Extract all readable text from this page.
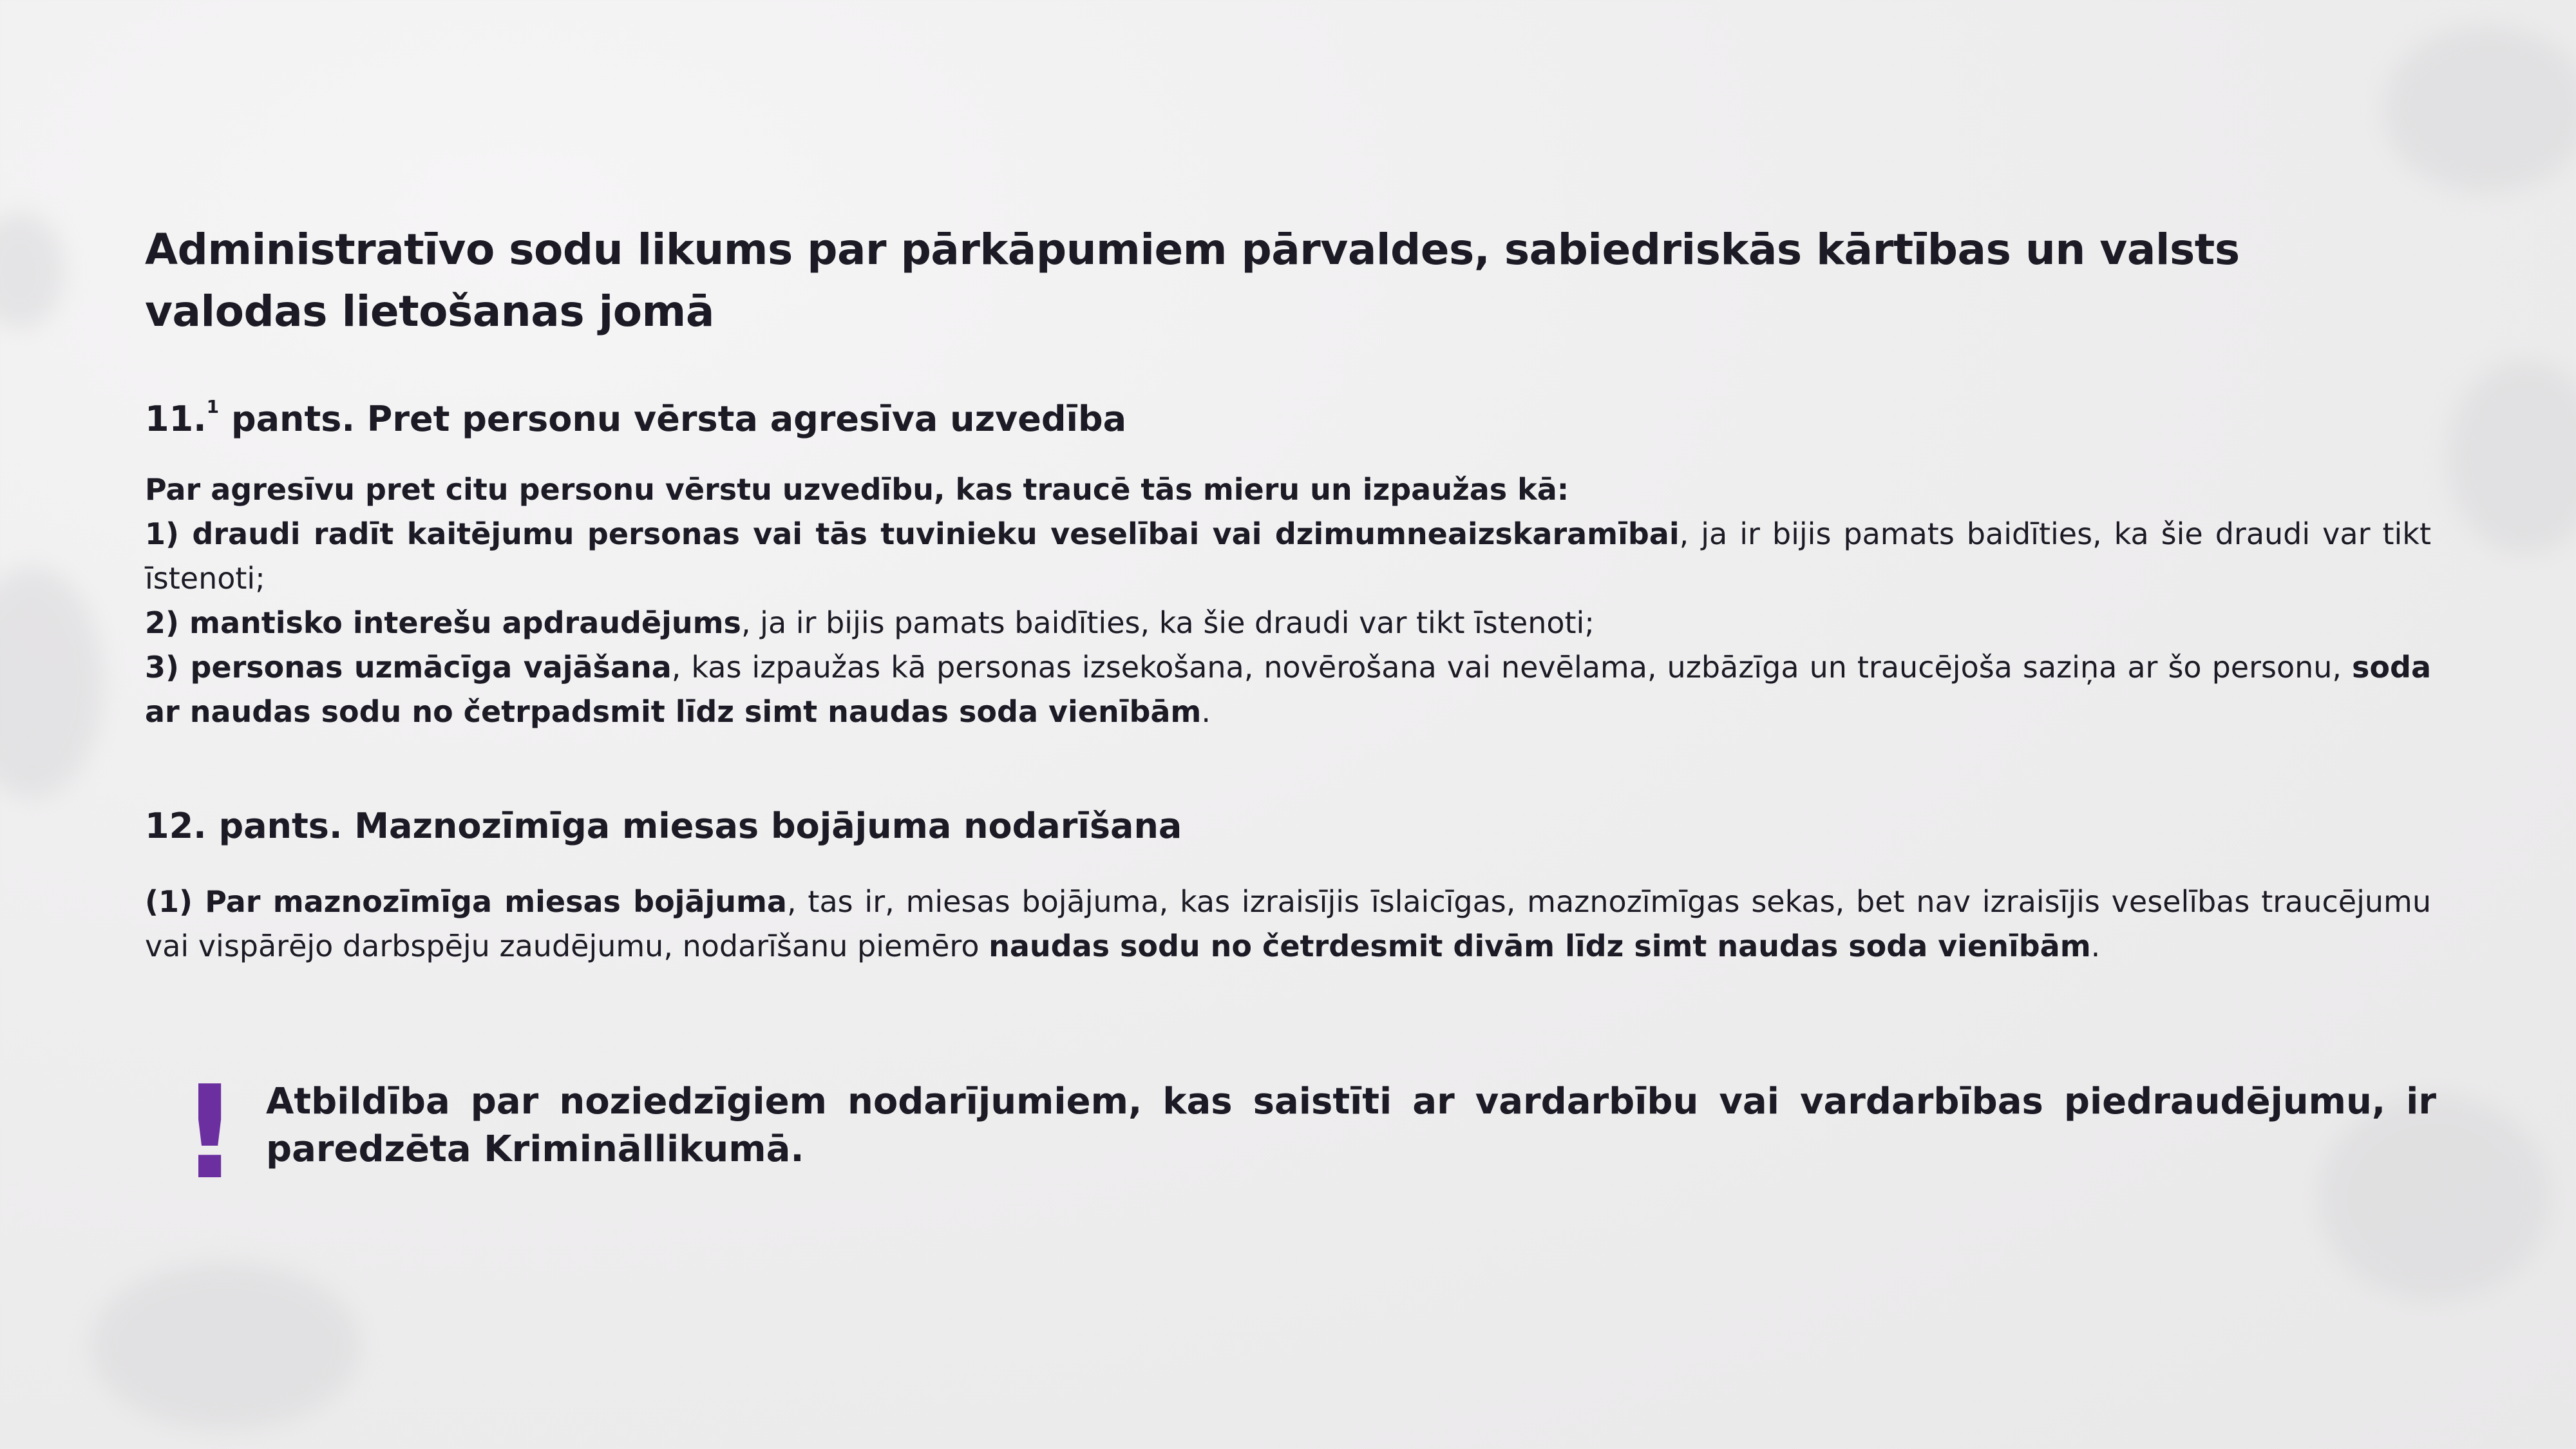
Administratīvo sodu likums par pārkāpumiem pārvaldes, sabiedriskās kārtības un valsts valodas lietošanas jomā
11.$^1$ pants. Pret personu vērsta agresīva uzvedība

Par agresīvu pret citu personu vērstu uzvedību, kas traucē tās mieru un izpaužas kā:
1) draudi radīt kaitējumu personas vai tās tuvinieku veselībai vai dzimumneaizskaramībai, ja ir bijis pamats baidīties, ka šie draudi var tikt īstenoti;
2) mantisko interešu apdraudējums, ja ir bijis pamats baidīties, ka šie draudi var tikt īstenoti;
3) personas uzmācīga vajāšana, kas izpaužas kā personas izsekošana, novērošana vai nevēlama, uzbāzīga un traucējoša saziņa ar šo personu, soda ar naudas sodu no četrpadsmit līdz simt naudas soda vienībām.

12. pants. Maznozīmīga miesas bojājuma nodarīšana

(1) Par maznozīmīga miesas bojājuma, tas ir, miesas bojājuma, kas izraisījis īslaicīgas, maznozīmīgas sekas, bet nav izraisījis veselības traucējumu vai vispārējo darbspēju zaudējumu, nodarīšanu piemēro naudas sodu no četrdesmit divām līdz simt naudas soda vienībām.

! Atbildība par noziedzīgiem nodarījumiem, kas saistīti ar vardarbību vai vardarbības piedraudējumu, ir paredzēta Krimināllikumā.
